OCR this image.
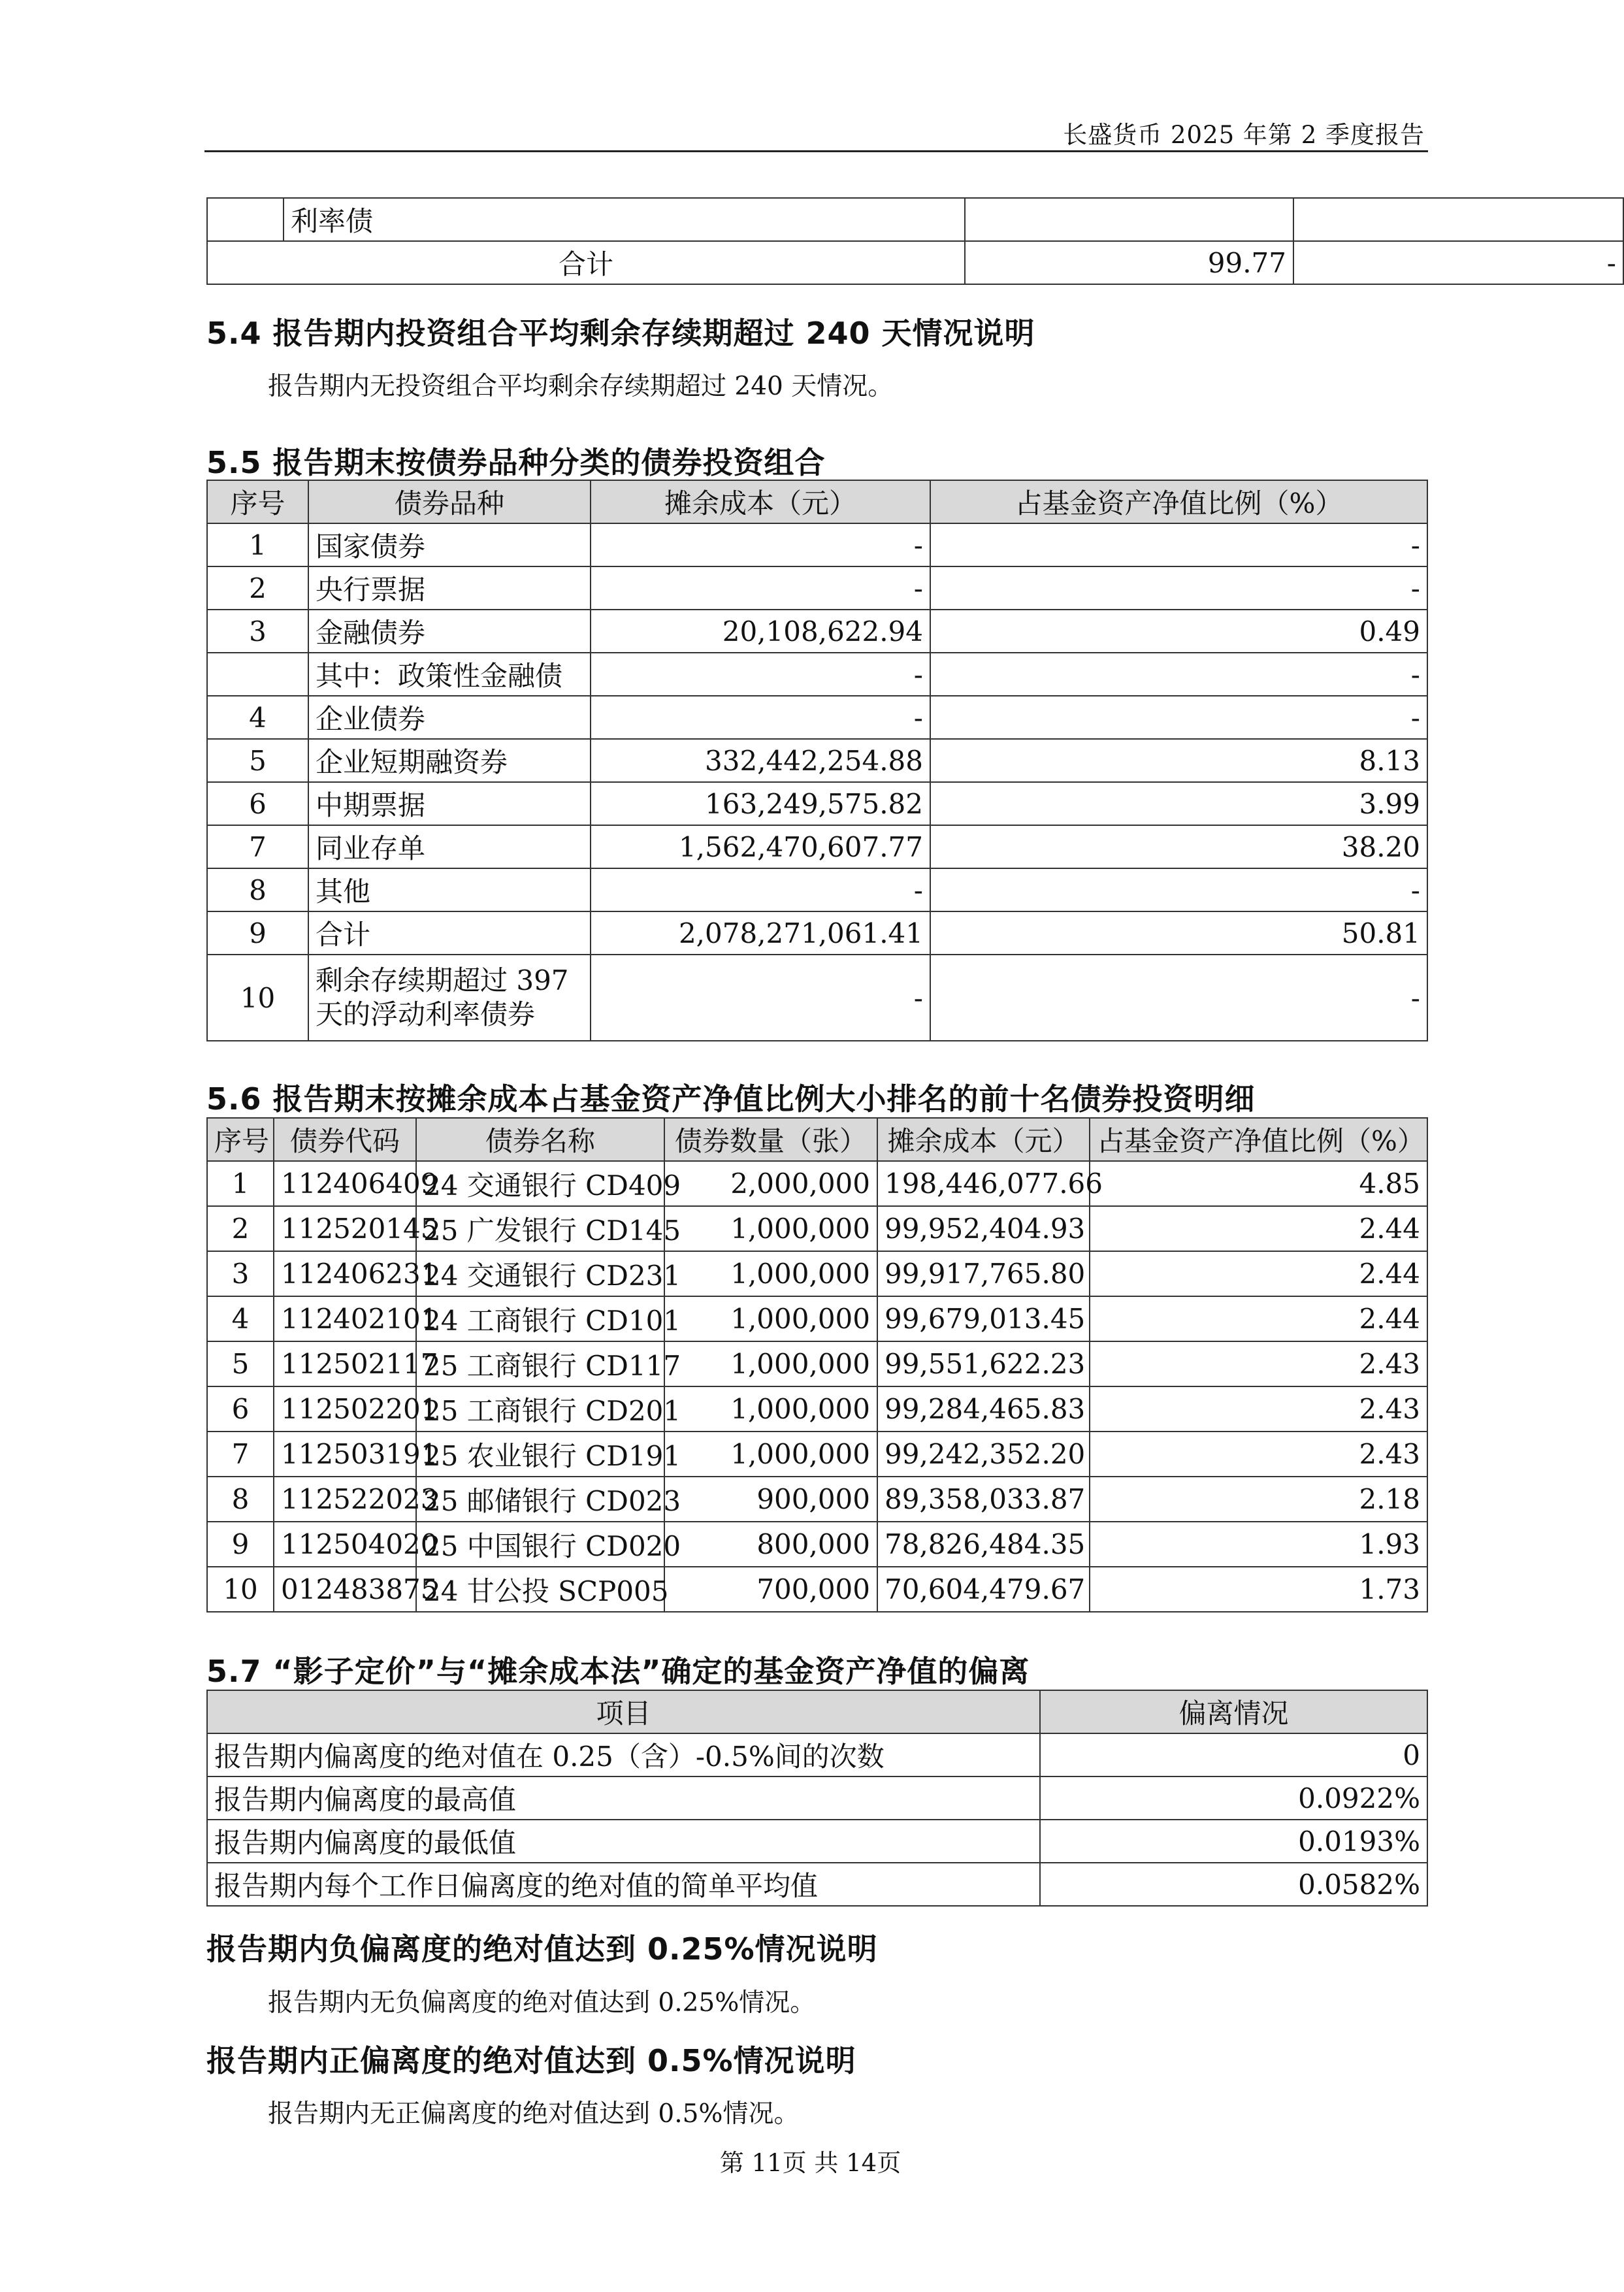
长盛货币 2025 年第 2 季度报告
	利率债		
合计		99.77	-
5.4 报告期内投资组合平均剩余存续期超过 240 天情况说明
报告期内无投资组合平均剩余存续期超过 240 天情况。
5.5 报告期末按债券品种分类的债券投资组合
序号	债券品种	摊余成本（元）	占基金资产净值比例（%）
1	国家债券	-	-
2	央行票据	-	-
3	金融债券	20,108,622.94	0.49
	其中：政策性金融债	-	-
4	企业债券	-	-
5	企业短期融资券	332,442,254.88	8.13
6	中期票据	163,249,575.82	3.99
7	同业存单	1,562,470,607.77	38.20
8	其他	-	-
9	合计	2,078,271,061.41	50.81
10	剩余存续期超过 397
天的浮动利率债券	-	-
5.6 报告期末按摊余成本占基金资产净值比例大小排名的前十名债券投资明细
序号	债券代码	债券名称	债券数量（张）	摊余成本（元）	占基金资产净值比例（%）
1	112406409	24 交通银行 CD409	2,000,000	198,446,077.66	4.85
2	112520145	25 广发银行 CD145	1,000,000	99,952,404.93	2.44
3	112406231	24 交通银行 CD231	1,000,000	99,917,765.80	2.44
4	112402101	24 工商银行 CD101	1,000,000	99,679,013.45	2.44
5	112502117	25 工商银行 CD117	1,000,000	99,551,622.23	2.43
6	112502201	25 工商银行 CD201	1,000,000	99,284,465.83	2.43
7	112503191	25 农业银行 CD191	1,000,000	99,242,352.20	2.43
8	112522023	25 邮储银行 CD023	900,000	89,358,033.87	2.18
9	112504020	25 中国银行 CD020	800,000	78,826,484.35	1.93
10	012483875	24 甘公投 SCP005	700,000	70,604,479.67	1.73
5.7 “影子定价”与“摊余成本法”确定的基金资产净值的偏离
项目	偏离情况
报告期内偏离度的绝对值在 0.25（含）-0.5%间的次数	0
报告期内偏离度的最高值	0.0922%
报告期内偏离度的最低值	0.0193%
报告期内每个工作日偏离度的绝对值的简单平均值	0.0582%
报告期内负偏离度的绝对值达到 0.25%情况说明
报告期内无负偏离度的绝对值达到 0.25%情况。
报告期内正偏离度的绝对值达到 0.5%情况说明
报告期内无正偏离度的绝对值达到 0.5%情况。
第 11页 共 14页
